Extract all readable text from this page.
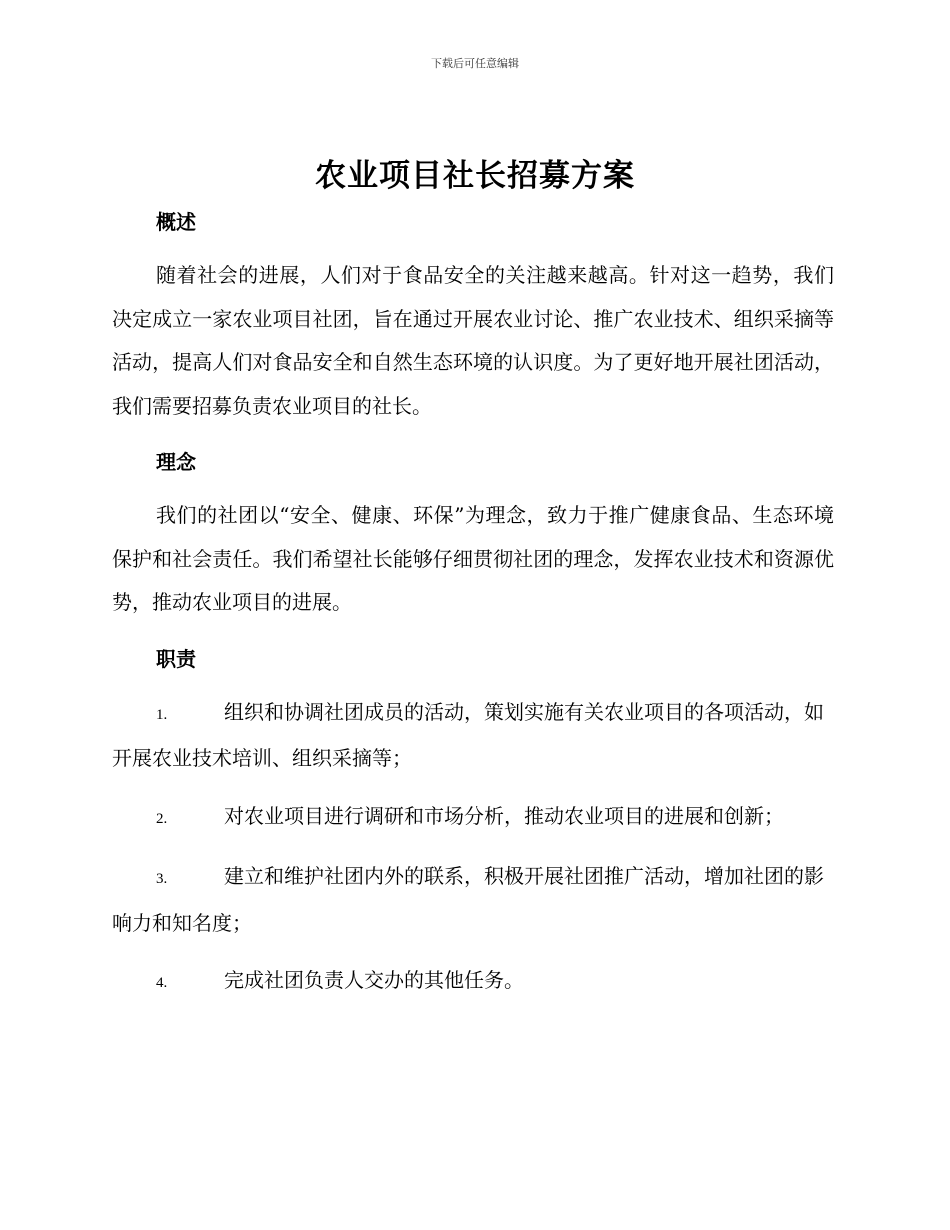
下载后可任意编辑
农业项目社长招募方案

概述

随着社会的进展，人们对于食品安全的关注越来越高。针对这一趋势，我们决定成立一家农业项目社团，旨在通过开展农业讨论、推广农业技术、组织采摘等活动，提高人们对食品安全和自然生态环境的认识度。为了更好地开展社团活动，我们需要招募负责农业项目的社长。

理念

我们的社团以“安全、健康、环保”为理念，致力于推广健康食品、生态环境保护和社会责任。我们希望社长能够仔细贯彻社团的理念，发挥农业技术和资源优势，推动农业项目的进展。

职责

1.	组织和协调社团成员的活动，策划实施有关农业项目的各项活动，如开展农业技术培训、组织采摘等；

2.	对农业项目进行调研和市场分析，推动农业项目的进展和创新；

3.	建立和维护社团内外的联系，积极开展社团推广活动，增加社团的影响力和知名度；

4.	完成社团负责人交办的其他任务。
